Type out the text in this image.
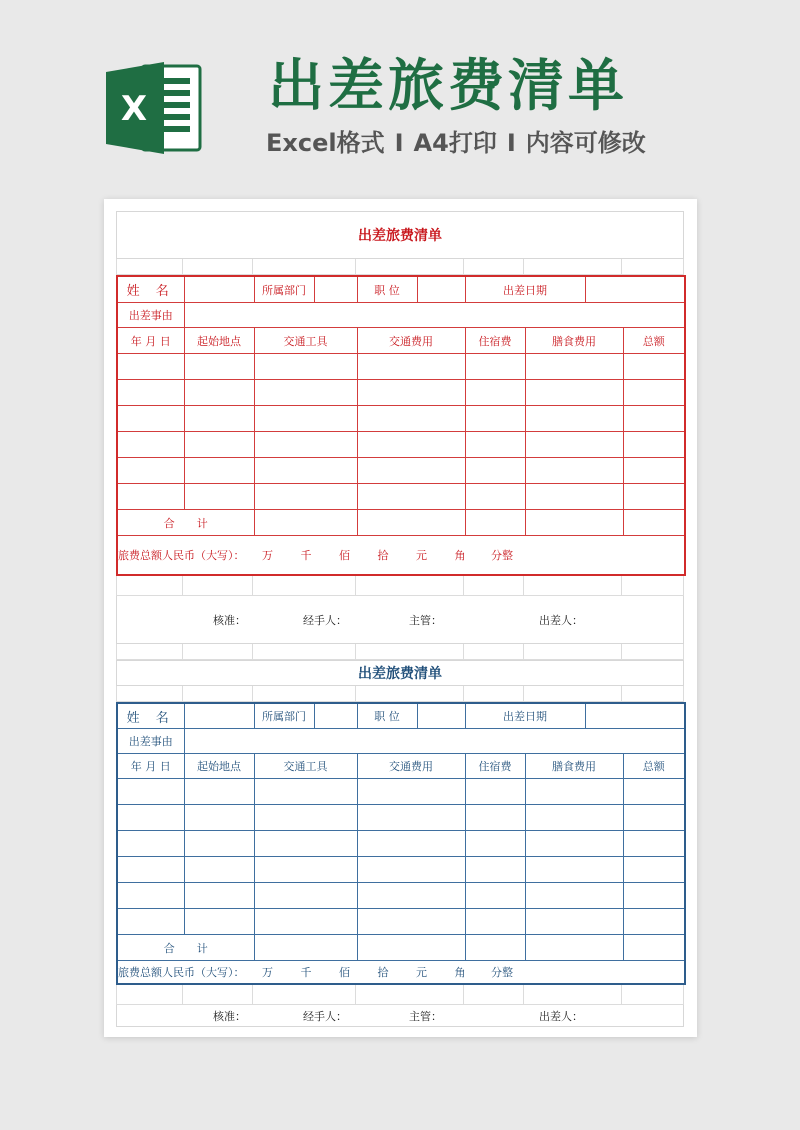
X 出差旅费清单

Excel格式 I A4打印 I 内容可修改

出差旅费清单
姓 名		所属部门		职 位		出差日期			
出差事由									
年 月 日	起始地点	交通工具		交通费用		住宿费	膳食费用		总额

合　　计									
旅费总额人民币（大写）： 万 千 佰 拾 元 角 分整									
核准：	经手人：	主管：	出差人：
出差旅费清单
姓 名		所属部门		职 位		出差日期			
出差事由									
年 月 日	起始地点	交通工具		交通费用		住宿费	膳食费用		总额

合　　计									
旅费总额人民币（大写）： 万 千 佰 拾 元 角 分整									
核准：	经手人：	主管：	出差人：
